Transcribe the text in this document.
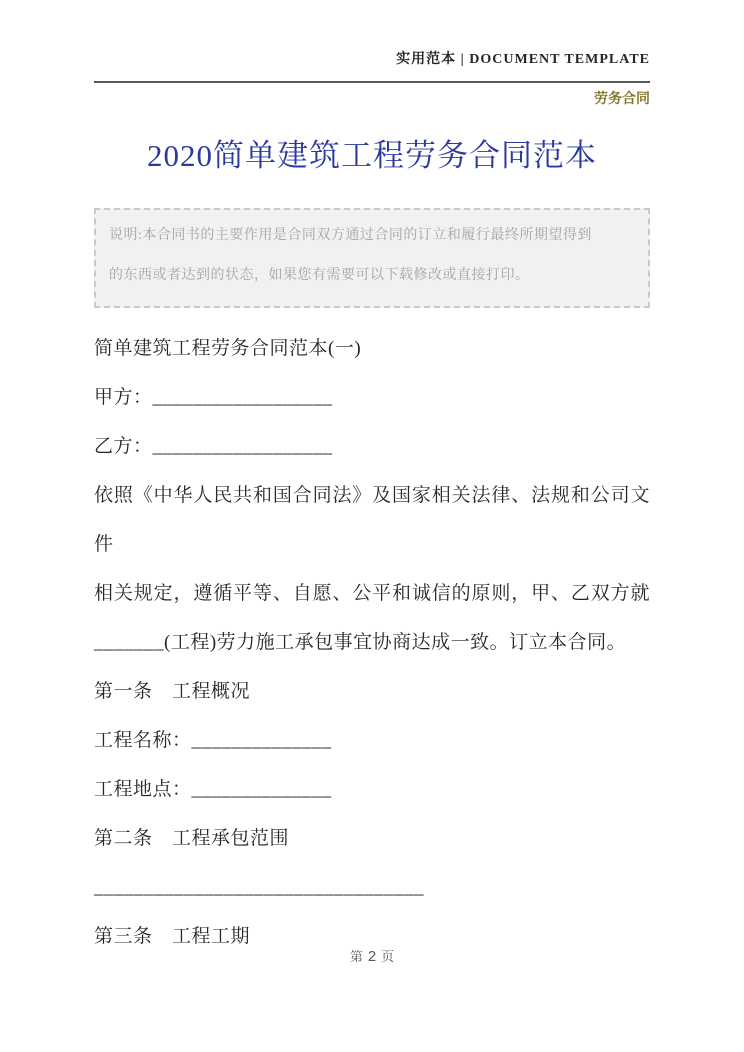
实用范本 | DOCUMENT TEMPLATE
劳务合同
2020简单建筑工程劳务合同范本
说明:本合同书的主要作用是合同双方通过合同的订立和履行最终所期望得到
的东西或者达到的状态，如果您有需要可以下载修改或直接打印。

简单建筑工程劳务合同范本(一)

甲方：__________________

乙方：__________________

依照《中华人民共和国合同法》及国家相关法律、法规和公司文件

相关规定，遵循平等、自愿、公平和诚信的原则，甲、乙双方就

_______(工程)劳力施工承包事宜协商达成一致。订立本合同。

第一条　工程概况

工程名称：______________

工程地点：______________

第二条　工程承包范围

_________________________________

第三条　工程工期

第 2 页
